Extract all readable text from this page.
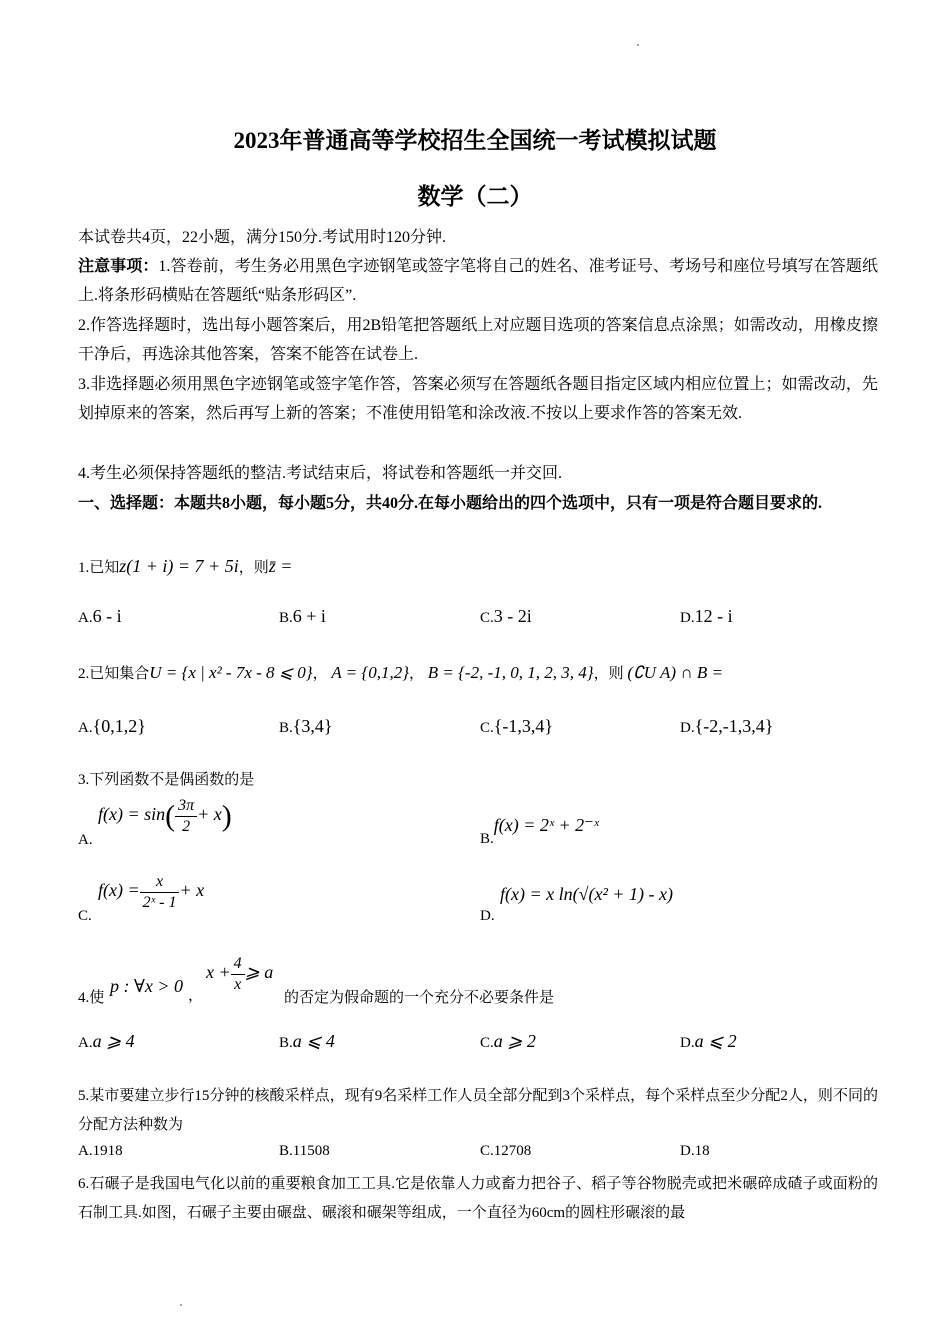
2023年普通高等学校招生全国统一考试模拟试题
数学（二）
本试卷共4页，22小题，满分150分.考试用时120分钟.
注意事项：1.答卷前，考生务必用黑色字迹钢笔或签字笔将自己的姓名、准考证号、考场号和座位号填写在答题纸上.将条形码横贴在答题纸“贴条形码区”.
2.作答选择题时，选出每小题答案后，用2B铅笔把答题纸上对应题目选项的答案信息点涂黑；如需改动，用橡皮擦干净后，再选涂其他答案，答案不能答在试卷上.
3.非选择题必须用黑色字迹钢笔或签字笔作答，答案必须写在答题纸各题目指定区域内相应位置上；如需改动，先划掉原来的答案，然后再写上新的答案；不准使用铅笔和涂改液.不按以上要求作答的答案无效.
4.考生必须保持答题纸的整洁.考试结束后，将试卷和答题纸一并交回.
一、选择题：本题共8小题，每小题5分，共40分.在每小题给出的四个选项中，只有一项是符合题目要求的.
1.已知z(1 + i) = 7 + 5i，则z̄ =
A.6 - i	B.6 + i	C.3 - 2i	D.12 - i
2.已知集合U = {x | x² - 7x - 8 ⩽ 0}， A = {0,1,2}， B = {-2, -1, 0, 1, 2, 3, 4}，则 (∁U A) ∩ B =
A.{0,1,2}	B.{3,4}	C.{-1,3,4}	D.{-2,-1,3,4}
3.下列函数不是偶函数的是
A.
$f(x) = \sin( \frac{3\pi}{2} + x)$
B.f(x) = 2ˣ + 2⁻ˣ
C.
$f(x) = \frac{x}{\text{2ˣ - 1}} + x$
D.
f(x) = x ln(√(x² + 1) - x)
4.使
p : ∀x > 0 ，
$x + \frac{4}{x}$ ⩾ a
的否定为假命题的一个充分不必要条件是
A.a ⩾ 4	B.a ⩽ 4	C.a ⩾ 2	D.a ⩽ 2
5.某市要建立步行15分钟的核酸采样点，现有9名采样工作人员全部分配到3个采样点，每个采样点至少分配2人，则不同的分配方法种数为
A.1918	B.11508	C.12708	D.18
6.石碾子是我国电气化以前的重要粮食加工工具.它是依靠人力或畜力把谷子、稻子等谷物脱壳或把米碾碎成碴子或面粉的石制工具.如图，石碾子主要由碾盘、碾滚和碾架等组成，一个直径为60cm的圆柱形碾滚的最
